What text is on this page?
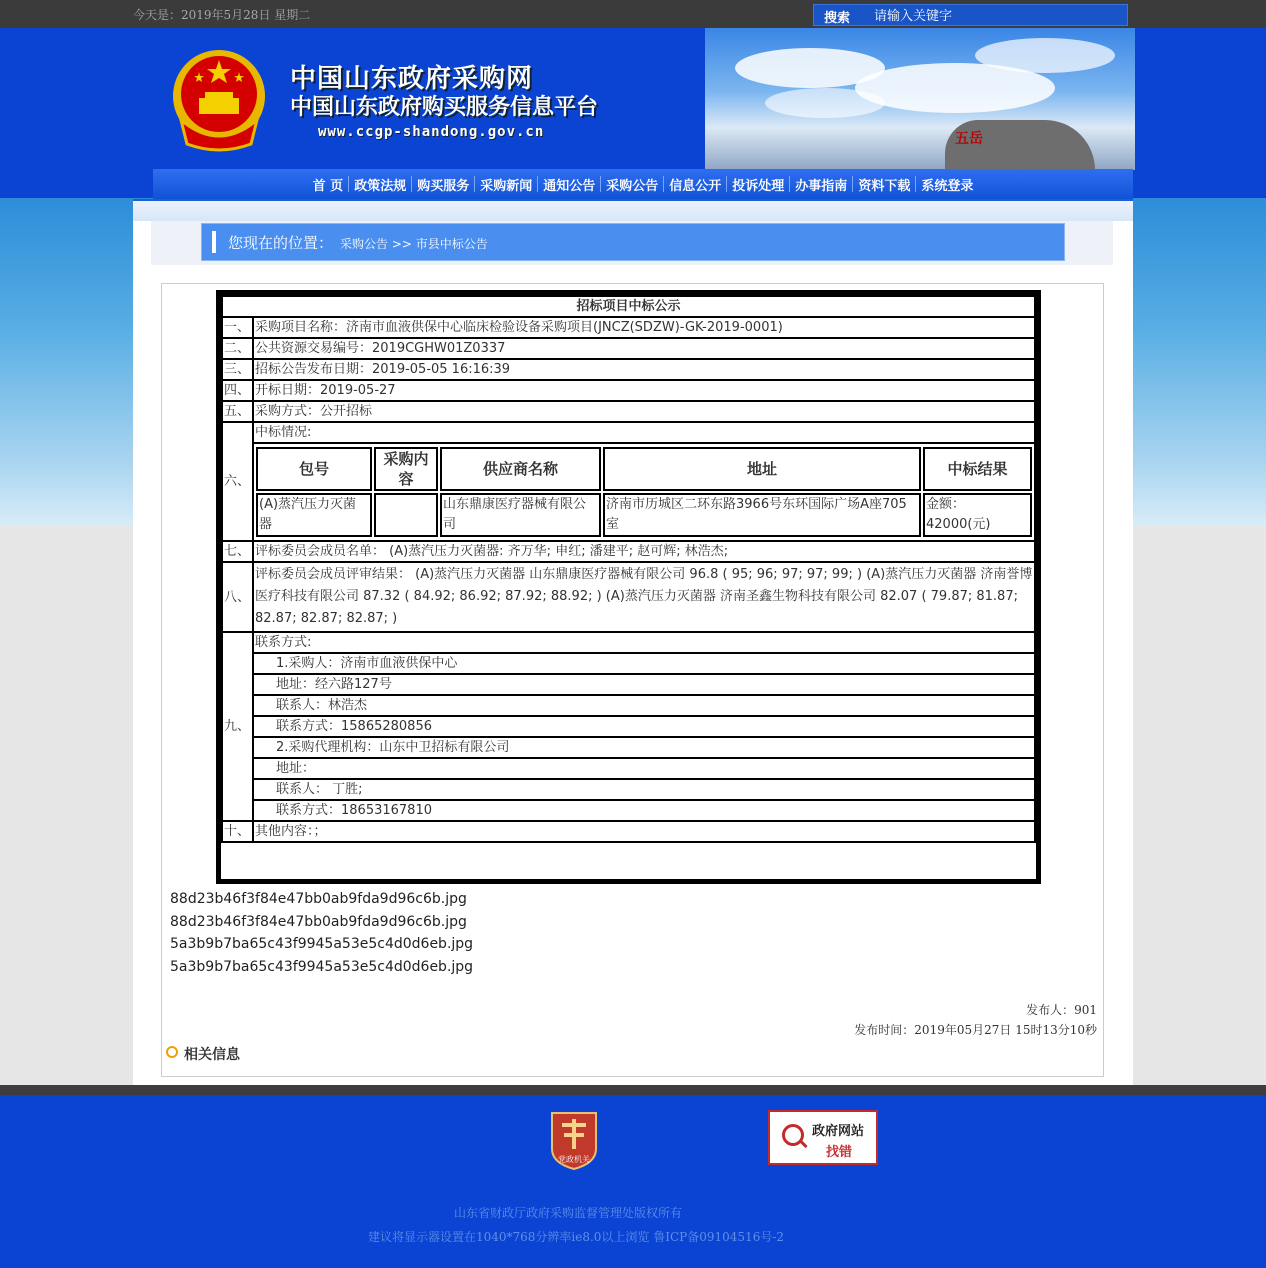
今天是：2019年5月28日 星期二	搜索
请输入关键字
五岳
中国山东政府采购网
中国山东政府购买服务信息平台
www.ccgp-shandong.gov.cn
首 页 政策法规 购买服务 采购新闻 通知公告 采购公告 信息公开 投诉处理 办事指南 资料下载 系统登录
您现在的位置： 采购公告 >> 市县中标公告
招标项目中标公示
一、	采购项目名称：济南市血液供保中心临床检验设备采购项目(JNCZ(SDZW)-GK-2019-0001)
二、	公共资源交易编号：2019CGHW01Z0337
三、	招标公告发布日期：2019-05-05 16:16:39
四、	开标日期：2019-05-27
五、	采购方式：公开招标
六、	中标情况:

包号	采购内容	供应商名称	地址	中标结果
(A)蒸汽压力灭菌器		山东鼎康医疗器械有限公司	济南市历城区二环东路3966号东环国际广场A座705室	金额： 42000(元)

七、	评标委员会成员名单： (A)蒸汽压力灭菌器: 齐万华; 申红; 潘建平; 赵可辉; 林浩杰;
八、	评标委员会成员评审结果： (A)蒸汽压力灭菌器 山东鼎康医疗器械有限公司 96.8 ( 95; 96; 97; 97; 99; ) (A)蒸汽压力灭菌器 济南誉博医疗科技有限公司 87.32 ( 84.92; 86.92; 87.92; 88.92; ) (A)蒸汽压力灭菌器 济南圣鑫生物科技有限公司 82.07 ( 79.87; 81.87; 82.87; 82.87; 82.87; )
九、	联系方式:
1.采购人：济南市血液供保中心
地址：经六路127号
联系人：林浩杰
联系方式：15865280856
2.采购代理机构：山东中卫招标有限公司
地址：
联系人： 丁胜;
联系方式：18653167810
十、	其他内容：；
88d23b46f3f84e47bb0ab9fda9d96c6b.jpg
88d23b46f3f84e47bb0ab9fda9d96c6b.jpg
5a3b9b7ba65c43f9945a53e5c4d0d6eb.jpg
5a3b9b7ba65c43f9945a53e5c4d0d6eb.jpg
发布人：901
发布时间：2019年05月27日 15时13分10秒
相关信息
党政机关
政府网站
找错
山东省财政厅政府采购监督管理处版权所有
建议将显示器设置在1040*768分辨率ie8.0以上浏览 鲁ICP备09104516号-2
